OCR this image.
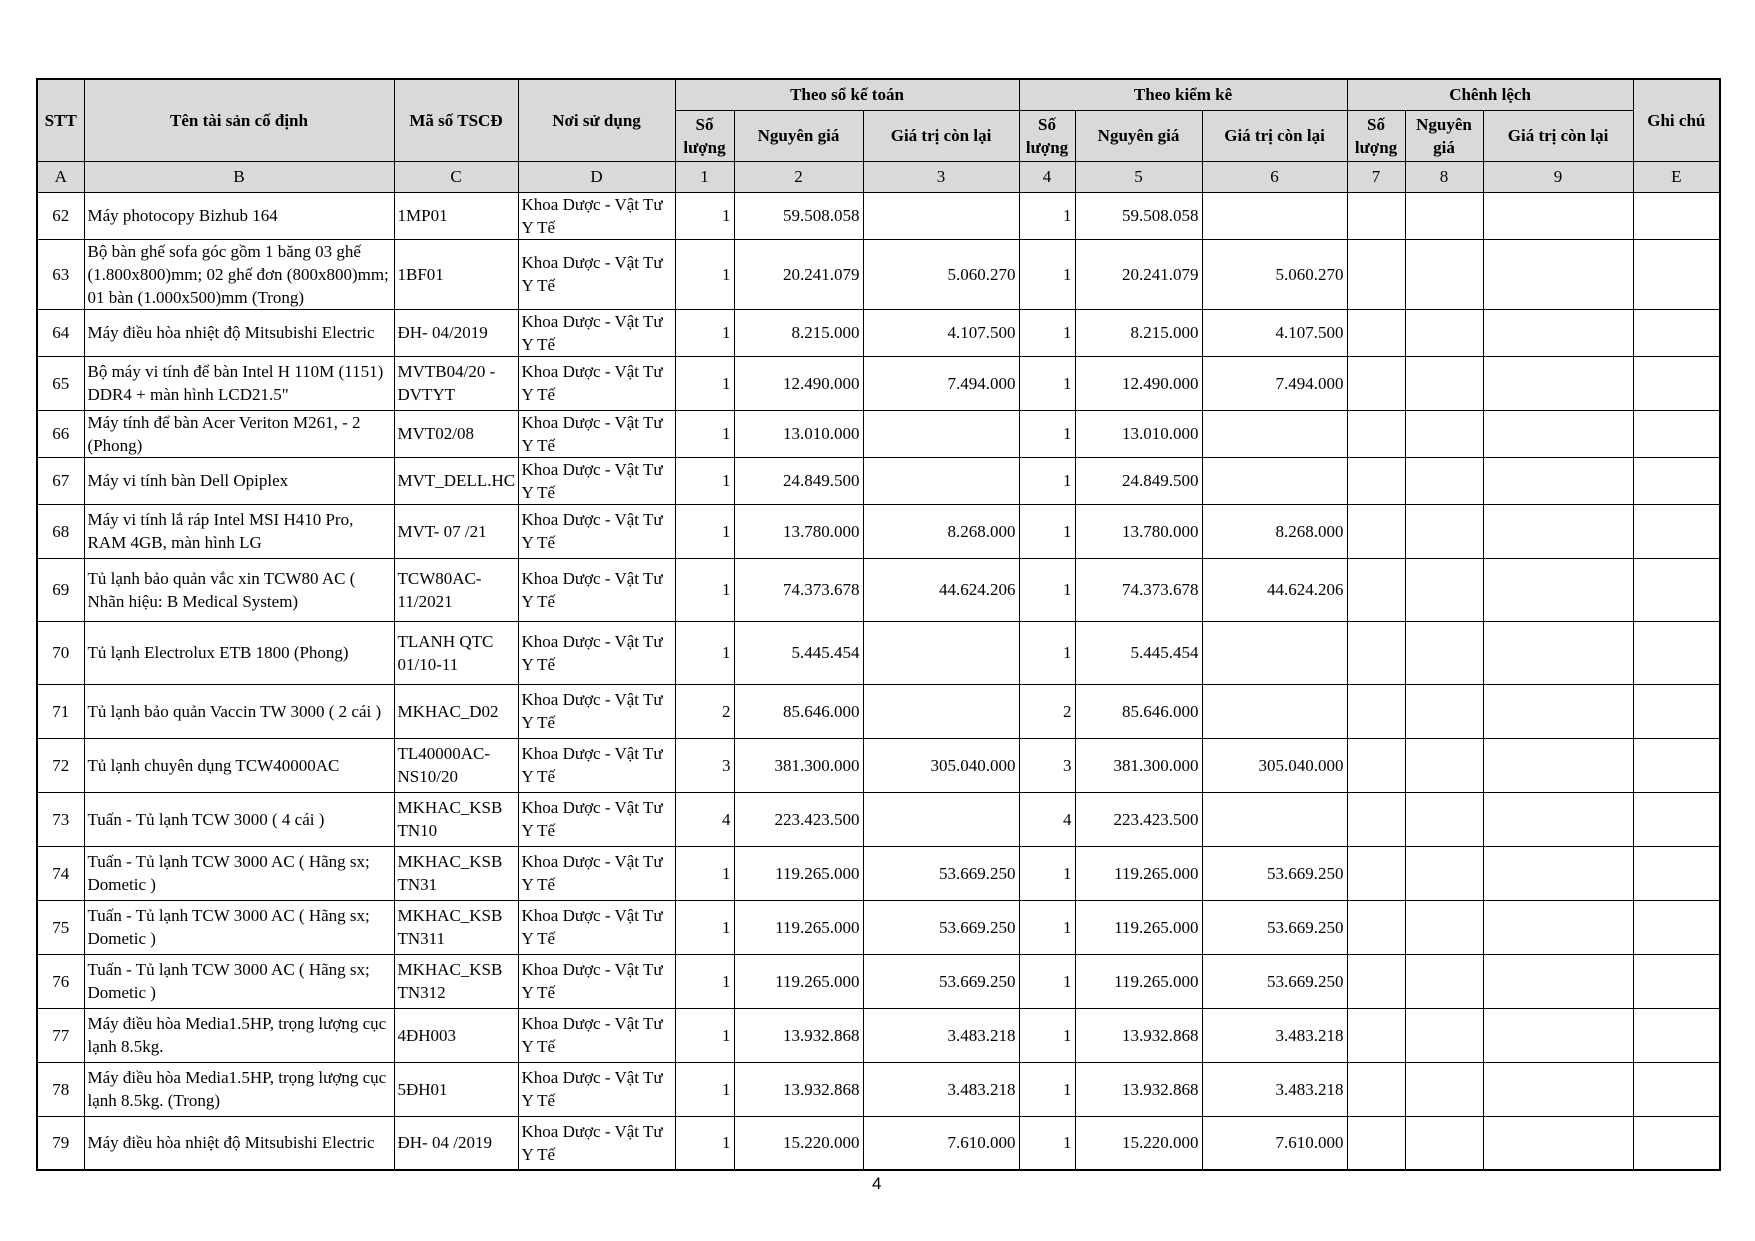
STT	Tên tài sản cố định	Mã số TSCĐ	Nơi sử dụng	Theo sổ kế toán			Theo kiểm kê			Chênh lệch			Ghi chú
				Số lượng	Nguyên giá	Giá trị còn lại	Số lượng	Nguyên giá	Giá trị còn lại	Số lượng	Nguyên giá	Giá trị còn lại	
A	B	C	D	1	2	3	4	5	6	7	8	9	E
62	Máy photocopy Bizhub 164	1MP01	Khoa Dược - Vật Tư Y Tế	1	59.508.058		1	59.508.058					
63	Bộ bàn ghế sofa góc gồm 1 băng 03 ghế (1.800x800)mm; 02 ghế đơn (800x800)mm; 01 bàn (1.000x500)mm (Trong)	1BF01	Khoa Dược - Vật Tư Y Tế	1	20.241.079	5.060.270	1	20.241.079	5.060.270				
64	Máy điều hòa nhiệt độ Mitsubishi Electric	ĐH- 04/2019	Khoa Dược - Vật Tư Y Tế	1	8.215.000	4.107.500	1	8.215.000	4.107.500				
65	Bộ máy vi tính để bàn Intel H 110M (1151) DDR4 + màn hình LCD21.5"	MVTB04/20 - DVTYT	Khoa Dược - Vật Tư Y Tế	1	12.490.000	7.494.000	1	12.490.000	7.494.000				
66	Máy tính để bàn Acer Veriton M261, - 2 (Phong)	MVT02/08	Khoa Dược - Vật Tư Y Tế	1	13.010.000		1	13.010.000					
67	Máy vi tính bàn Dell Opiplex	MVT_DELL.HC	Khoa Dược - Vật Tư Y Tế	1	24.849.500		1	24.849.500					
68	Máy vi tính lắ ráp Intel MSI H410 Pro, RAM 4GB, màn hình LG	MVT- 07 /21	Khoa Dược - Vật Tư Y Tế	1	13.780.000	8.268.000	1	13.780.000	8.268.000				
69	Tủ lạnh bảo quản vắc xin TCW80 AC ( Nhãn hiệu: B Medical System)	TCW80AC- 11/2021	Khoa Dược - Vật Tư Y Tế	1	74.373.678	44.624.206	1	74.373.678	44.624.206				
70	Tủ lạnh Electrolux ETB 1800 (Phong)	TLANH QTC 01/10-11	Khoa Dược - Vật Tư Y Tế	1	5.445.454		1	5.445.454					
71	Tủ lạnh bảo quản Vaccin TW 3000 ( 2 cái )	MKHAC_D02	Khoa Dược - Vật Tư Y Tế	2	85.646.000		2	85.646.000					
72	Tủ lạnh chuyên dụng TCW40000AC	TL40000AC- NS10/20	Khoa Dược - Vật Tư Y Tế	3	381.300.000	305.040.000	3	381.300.000	305.040.000				
73	Tuấn - Tủ lạnh TCW 3000 ( 4 cái )	MKHAC_KSB TN10	Khoa Dược - Vật Tư Y Tế	4	223.423.500		4	223.423.500					
74	Tuấn - Tủ lạnh TCW 3000 AC ( Hãng sx; Dometic )	MKHAC_KSB TN31	Khoa Dược - Vật Tư Y Tế	1	119.265.000	53.669.250	1	119.265.000	53.669.250				
75	Tuấn - Tủ lạnh TCW 3000 AC ( Hãng sx; Dometic )	MKHAC_KSB TN311	Khoa Dược - Vật Tư Y Tế	1	119.265.000	53.669.250	1	119.265.000	53.669.250				
76	Tuấn - Tủ lạnh TCW 3000 AC ( Hãng sx; Dometic )	MKHAC_KSB TN312	Khoa Dược - Vật Tư Y Tế	1	119.265.000	53.669.250	1	119.265.000	53.669.250				
77	Máy điều hòa Media1.5HP, trọng lượng cục lạnh 8.5kg.	4ĐH003	Khoa Dược - Vật Tư Y Tế	1	13.932.868	3.483.218	1	13.932.868	3.483.218				
78	Máy điều hòa Media1.5HP, trọng lượng cục lạnh 8.5kg. (Trong)	5ĐH01	Khoa Dược - Vật Tư Y Tế	1	13.932.868	3.483.218	1	13.932.868	3.483.218				
79	Máy điều hòa nhiệt độ Mitsubishi Electric	ĐH- 04 /2019	Khoa Dược - Vật Tư Y Tế	1	15.220.000	7.610.000	1	15.220.000	7.610.000				
4
